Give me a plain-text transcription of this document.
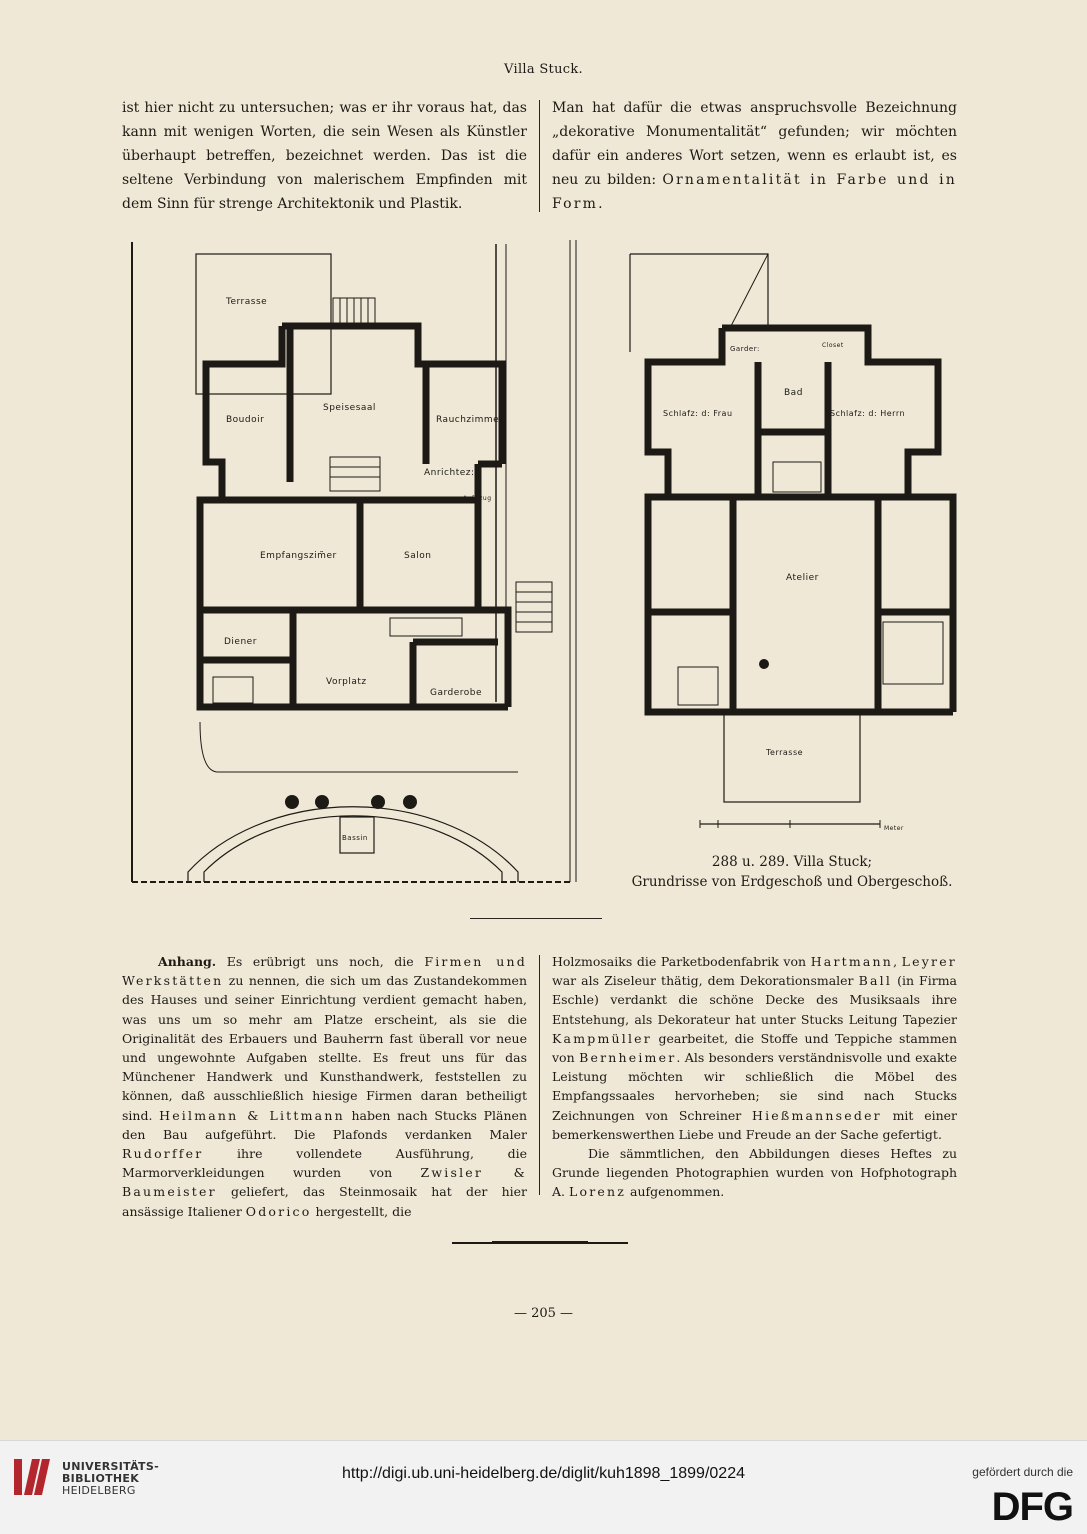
Villa Stuck.

ist hier nicht zu untersuchen; was er ihr voraus hat, das kann mit wenigen Worten, die sein Wesen als Künstler überhaupt betreffen, bezeichnet werden. Das ist die seltene Verbindung von malerischem Empfinden mit dem Sinn für strenge Architektonik und Plastik.

Man hat dafür die etwas anspruchsvolle Bezeichnung „dekorative Monumentalität“ gefunden; wir möchten dafür ein anderes Wort setzen, wenn es erlaubt ist, es neu zu bilden: Ornamentalität in Farbe und in Form.

Terrasse
Boudoir
Speisesaal
Rauchzimmer
Anrichtez:
Auf- zug
Empfangszim̃er	Salon
Diener
Vorplatz
Garderobe
Bassin
Garder:	Closet
Bad
Schlafz: d: Frau	Schlafz: d: Herrn
Atelier
Terrasse
Meter
288 u. 289. Villa Stuck;
Grundrisse von Erdgeschoß und Obergeschoß.

Anhang. Es erübrigt uns noch, die Firmen und Werkstätten zu nennen, die sich um das Zustandekommen des Hauses und seiner Einrichtung verdient gemacht haben, was uns um so mehr am Platze erscheint, als sie die Originalität des Erbauers und Bauherrn fast überall vor neue und ungewohnte Aufgaben stellte. Es freut uns für das Münchener Handwerk und Kunsthandwerk, feststellen zu können, daß ausschließlich hiesige Firmen daran betheiligt sind. Heilmann & Littmann haben nach Stucks Plänen den Bau aufgeführt. Die Plafonds verdanken Maler Rudorffer ihre vollendete Ausführung, die Marmorverkleidungen wurden von Zwisler & Baumeister geliefert, das Steinmosaik hat der hier ansässige Italiener Odorico hergestellt, die

Holzmosaiks die Parketbodenfabrik von Hartmann, Leyrer war als Ziseleur thätig, dem Dekorationsmaler Ball (in Firma Eschle) verdankt die schöne Decke des Musiksaals ihre Entstehung, als Dekorateur hat unter Stucks Leitung Tapezier Kampmüller gearbeitet, die Stoffe und Teppiche stammen von Bernheimer. Als besonders verständnisvolle und exakte Leistung möchten wir schließlich die Möbel des Empfangssaales hervorheben; sie sind nach Stucks Zeichnungen von Schreiner Hießmannseder mit einer bemerkenswerthen Liebe und Freude an der Sache gefertigt.

Die sämmtlichen, den Abbildungen dieses Heftes zu Grunde liegenden Photographien wurden von Hofphotograph A. Lorenz aufgenommen.

— 205 —
UNIVERSITÄTS-
BIBLIOTHEK
HEIDELBERG
http://digi.ub.uni-heidelberg.de/diglit/kuh1898_1899/0224	gefördert durch die
DFG
